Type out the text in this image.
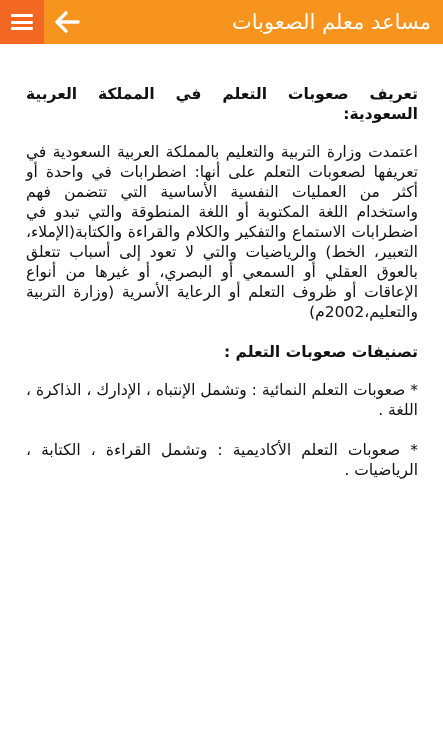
مساعد معلم الصعوبات

تعريف صعوبات التعلم في المملكة العربية السعودية:

اعتمدت وزارة التربية والتعليم بالمملكة العربية السعودية في تعريفها لصعوبات التعلم على أنها: اضطرابات في واحدة أو أكثر من العمليات النفسية الأساسية التي تتضمن فهم واستخدام اللغة المكتوبة أو اللغة المنطوقة والتي تبدو في اضطرابات الاستماع والتفكير والكلام والقراءة والكتابة(الإملاء، التعبير، الخط) والرياضيات والتي لا تعود إلى أسباب تتعلق بالعوق العقلي أو السمعي أو البصري، أو غيرها من أنواع الإعاقات أو ظروف التعلم أو الرعاية الأسرية (وزارة التربية والتعليم،2002م)

تصنيفات صعوبات التعلم :

* صعوبات التعلم النمائية : وتشمل الإنتباه ، الإدارك ، الذاكرة ، اللغة .

* صعوبات التعلم الأكاديمية : وتشمل القراءة ، الكتابة ، الرياضيات .
